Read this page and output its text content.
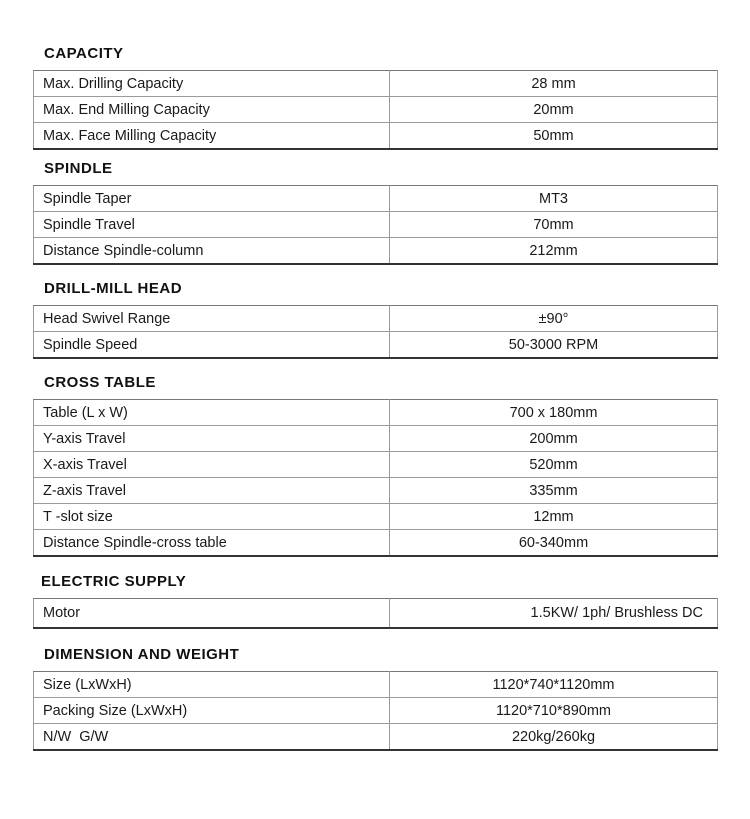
CAPACITY
Max. Drilling Capacity	28 mm
Max. End Milling Capacity	20mm
Max. Face Milling Capacity	50mm
SPINDLE
Spindle Taper	MT3
Spindle Travel	70mm
Distance Spindle-column	212mm
DRILL-MILL HEAD
Head Swivel Range	±90°
Spindle Speed	50-3000 RPM
CROSS TABLE
Table (L x W)	700 x 180mm
Y-axis Travel	200mm
X-axis Travel	520mm
Z-axis Travel	335mm
T -slot size	12mm
Distance Spindle-cross table	60-340mm
ELECTRIC SUPPLY
Motor	1.5KW/ 1ph/ Brushless DC
DIMENSION AND WEIGHT
Size (LxWxH)	1120*740*1120mm
Packing Size (LxWxH)	1120*710*890mm
N/W  G/W	220kg/260kg
